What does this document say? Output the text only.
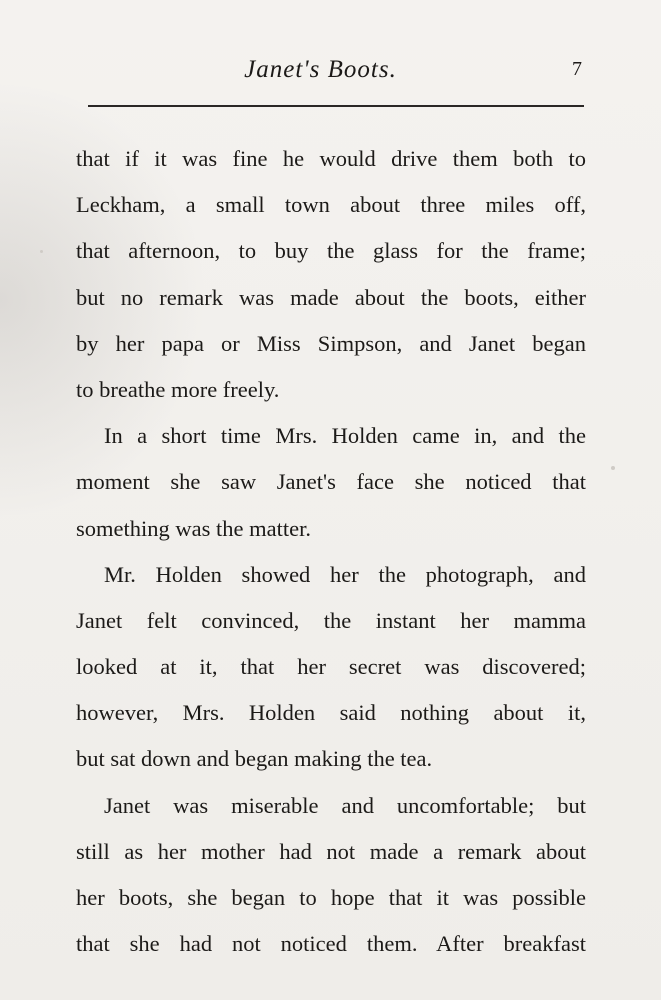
Janet's Boots.	7
that if it was fine he would drive them both to
Leckham, a small town about three miles off,
that afternoon, to buy the glass for the frame;
but no remark was made about the boots, either
by her papa or Miss Simpson, and Janet began
to breathe more freely.
In a short time Mrs. Holden came in, and the
moment she saw Janet's face she noticed that
something was the matter.
Mr. Holden showed her the photograph, and
Janet felt convinced, the instant her mamma
looked at it, that her secret was discovered;
however, Mrs. Holden said nothing about it,
but sat down and began making the tea.
Janet was miserable and uncomfortable; but
still as her mother had not made a remark about
her boots, she began to hope that it was possible
that she had not noticed them. After breakfast
